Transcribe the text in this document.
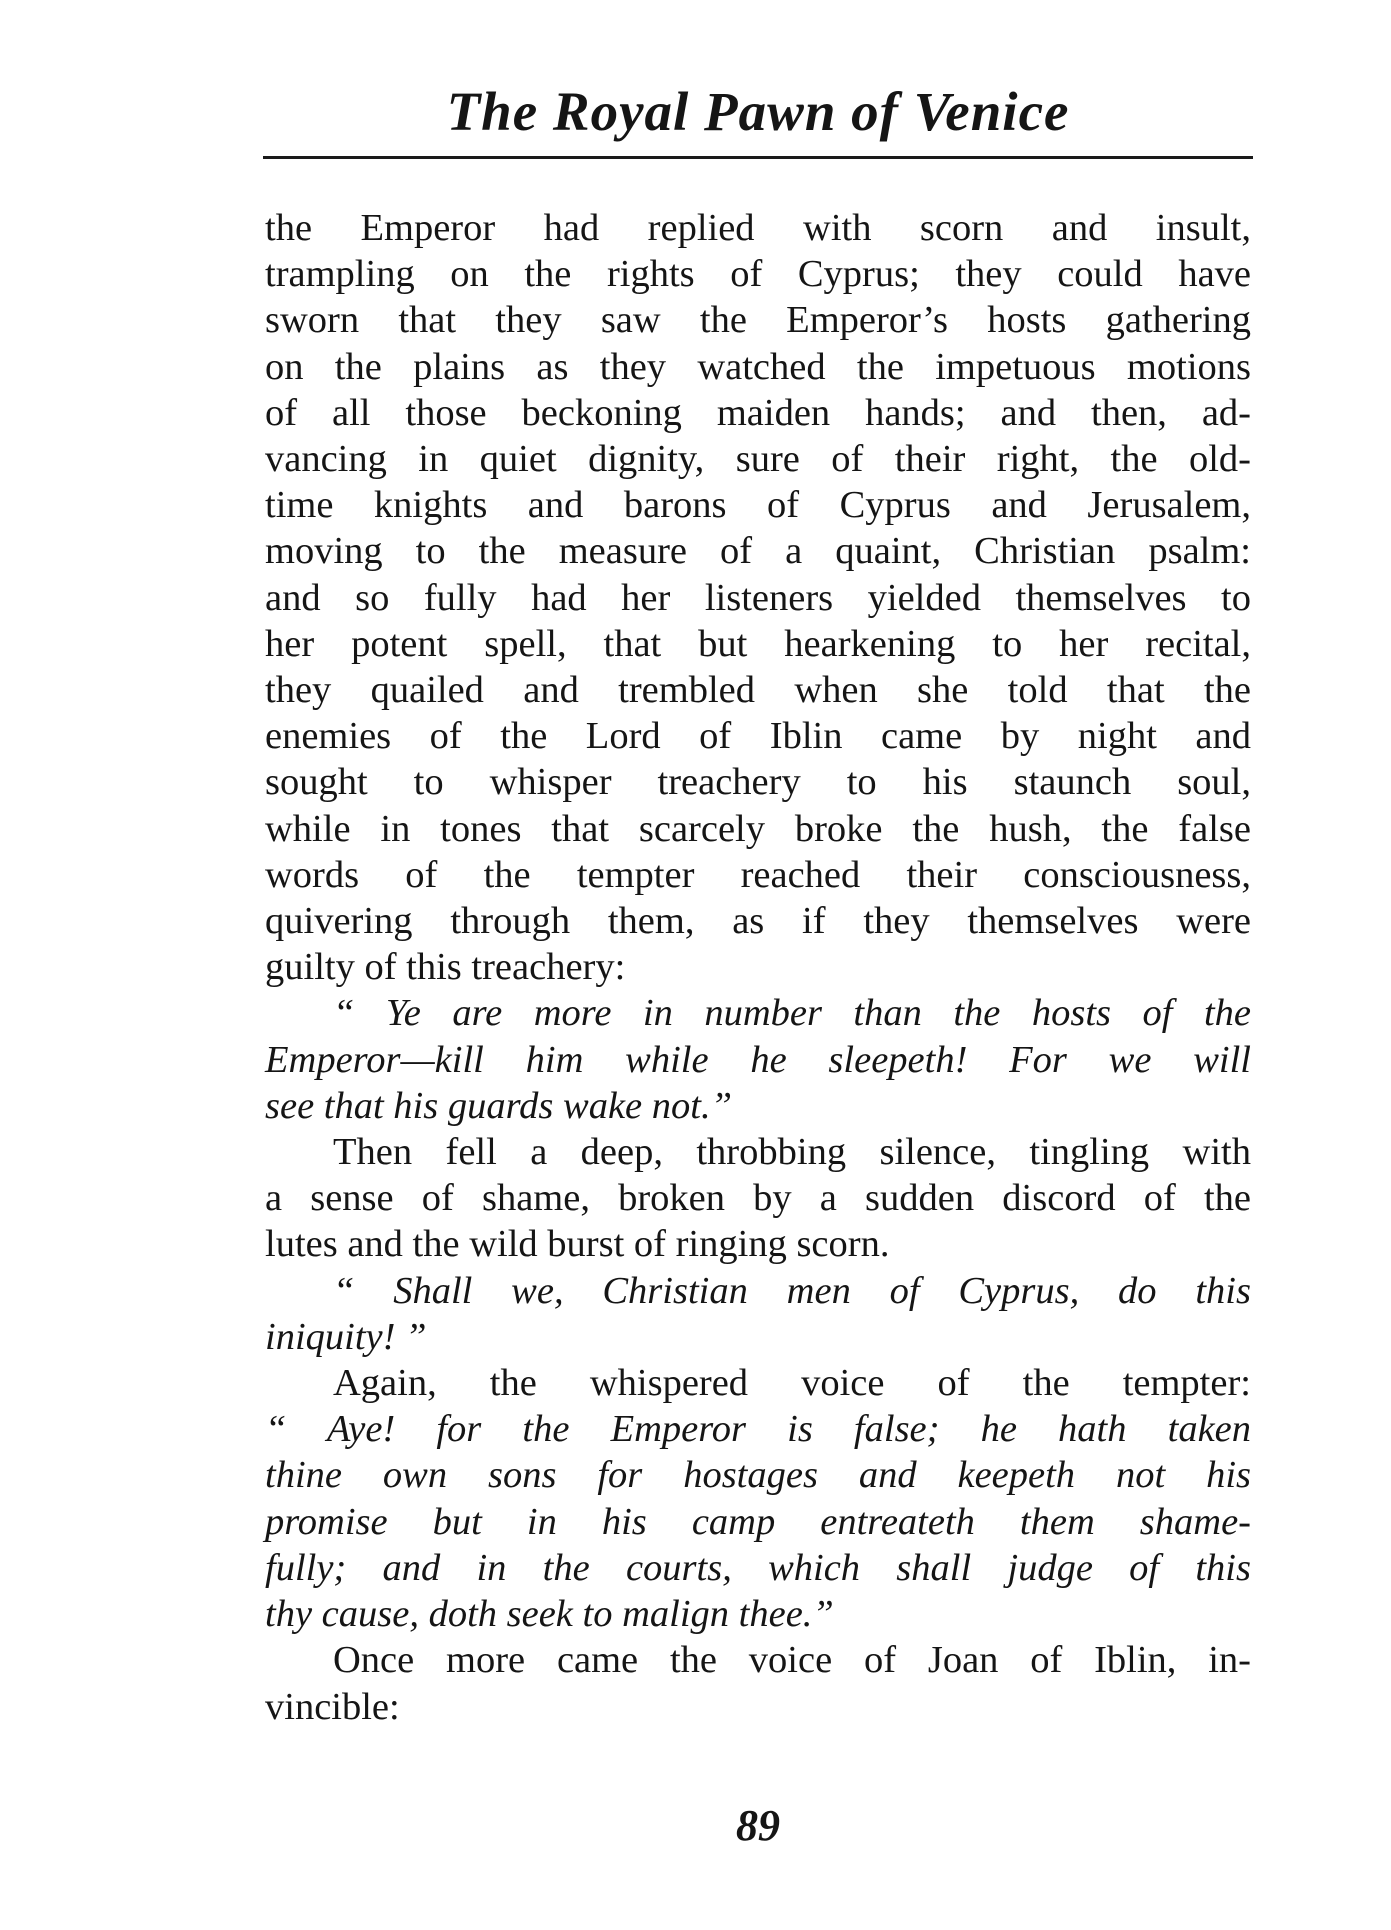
The Royal Pawn of Venice
the Emperor had replied with scorn and insult,
trampling on the rights of Cyprus; they could have
sworn that they saw the Emperor’s hosts gathering
on the plains as they watched the impetuous motions
of all those beckoning maiden hands; and then, ad-
vancing in quiet dignity, sure of their right, the old-
time knights and barons of Cyprus and Jerusalem,
moving to the measure of a quaint, Christian psalm:
and so fully had her listeners yielded themselves to
her potent spell, that but hearkening to her recital,
they quailed and trembled when she told that the
enemies of the Lord of Iblin came by night and
sought to whisper treachery to his staunch soul,
while in tones that scarcely broke the hush, the false
words of the tempter reached their consciousness,
quivering through them, as if they themselves were
guilty of this treachery:
“ Ye are more in number than the hosts of the
Emperor—kill him while he sleepeth! For we will
see that his guards wake not.”
Then fell a deep, throbbing silence, tingling with
a sense of shame, broken by a sudden discord of the
lutes and the wild burst of ringing scorn.
“ Shall we, Christian men of Cyprus, do this
iniquity! ”
Again, the whispered voice of the tempter:
“ Aye! for the Emperor is false; he hath taken
thine own sons for hostages and keepeth not his
promise but in his camp entreateth them shame-
fully; and in the courts, which shall judge of this
thy cause, doth seek to malign thee.”
Once more came the voice of Joan of Iblin, in-
vincible:
89
